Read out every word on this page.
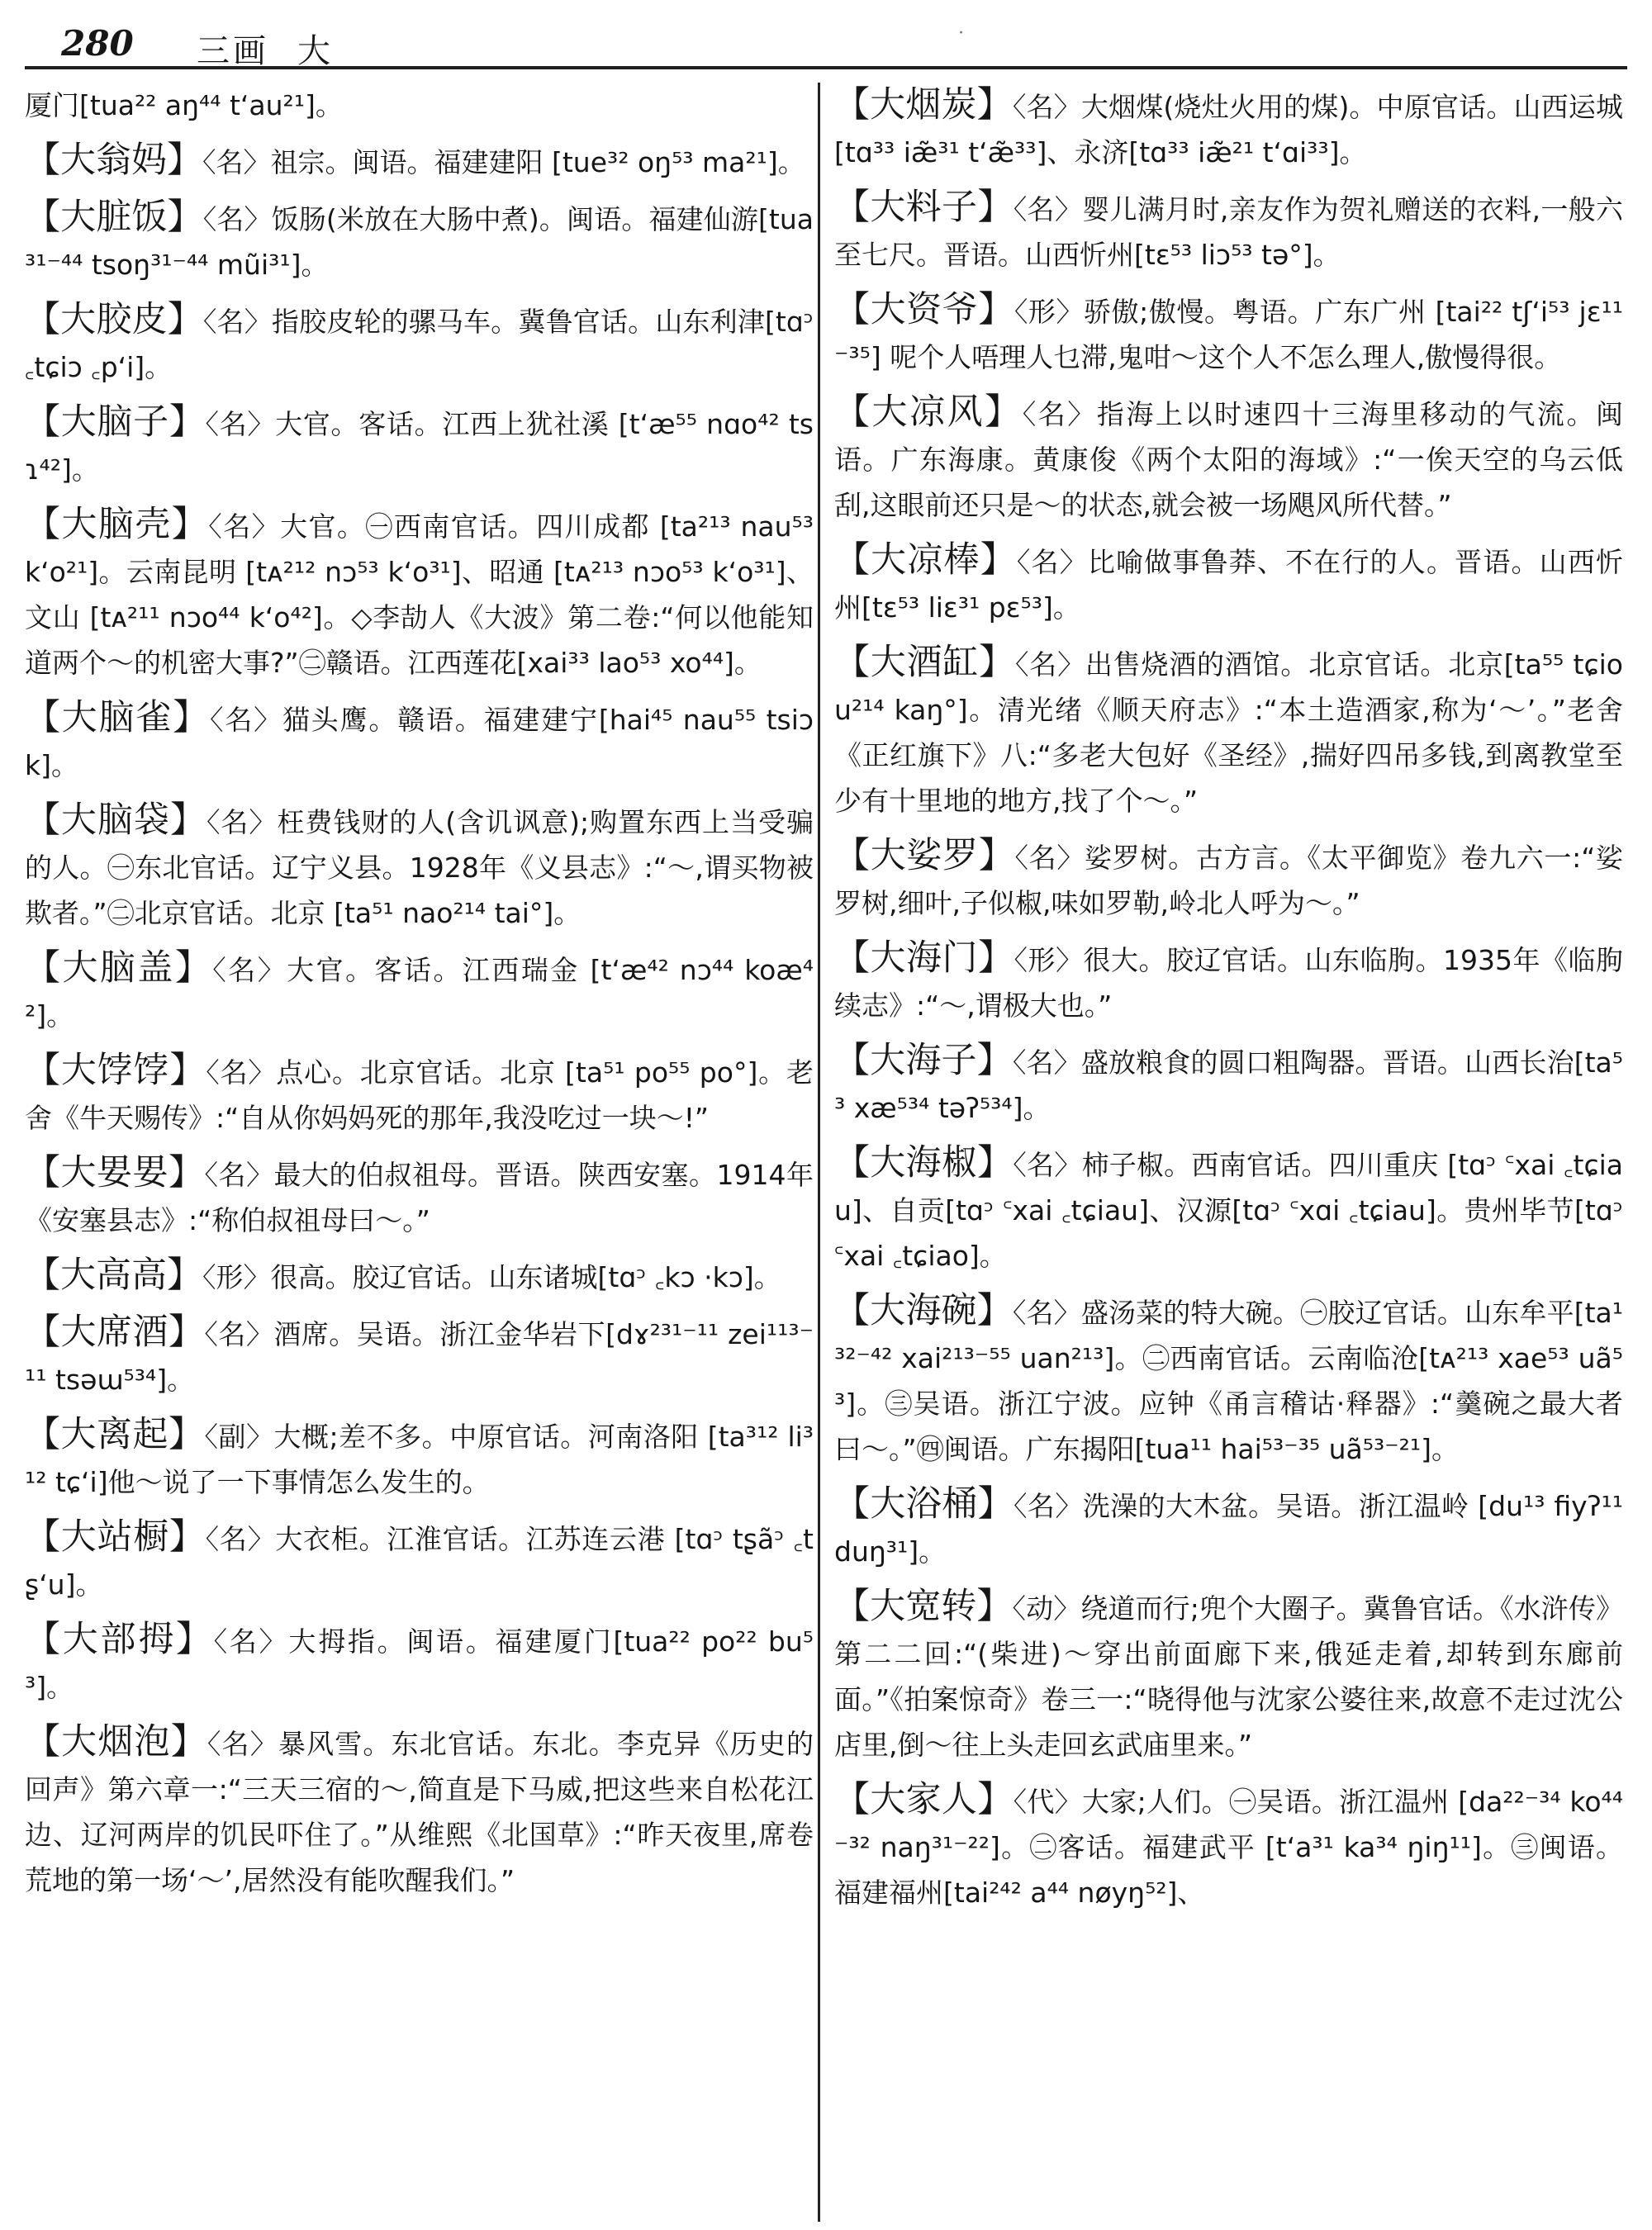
280 三画 大	·

厦门[tua²² aŋ⁴⁴ t‘au²¹]。

【大翁妈】〈名〉祖宗。闽语。福建建阳 [tue³² oŋ⁵³ ma²¹]。

【大脏饭】〈名〉饭肠(米放在大肠中煮)。闽语。福建仙游[tua³¹⁻⁴⁴ tsoŋ³¹⁻⁴⁴ mũi³¹]。

【大胶皮】〈名〉指胶皮轮的骡马车。冀鲁官话。山东利津[tɑᵓ ꜀tɕiɔ ꜀p‘i]。

【大脑子】〈名〉大官。客话。江西上犹社溪 [t‘æ⁵⁵ nɑo⁴² tsɿ⁴²]。

【大脑壳】〈名〉大官。㊀西南官话。四川成都 [ta²¹³ nau⁵³ k‘o²¹]。云南昆明 [tᴀ²¹² nɔ⁵³ k‘o³¹]、昭通 [tᴀ²¹³ nɔo⁵³ k‘o³¹]、文山 [tᴀ²¹¹ nɔo⁴⁴ k‘o⁴²]。◇李劼人《大波》第二卷:“何以他能知道两个～的机密大事?”㊁赣语。江西莲花[xai³³ lao⁵³ xo⁴⁴]。

【大脑雀】〈名〉猫头鹰。赣语。福建建宁[hai⁴⁵ nau⁵⁵ tsiɔk]。

【大脑袋】〈名〉枉费钱财的人(含讥讽意);购置东西上当受骗的人。㊀东北官话。辽宁义县。1928年《义县志》:“～,谓买物被欺者。”㊁北京官话。北京 [ta⁵¹ nao²¹⁴ tai°]。

【大脑盖】〈名〉大官。客话。江西瑞金 [t‘æ⁴² nɔ⁴⁴ koæ⁴²]。

【大饽饽】〈名〉点心。北京官话。北京 [ta⁵¹ po⁵⁵ po°]。老舍《牛天赐传》:“自从你妈妈死的那年,我没吃过一块～!”

【大㚻㚻】〈名〉最大的伯叔祖母。晋语。陕西安塞。1914年《安塞县志》:“称伯叔祖母曰～。”

【大高高】〈形〉很高。胶辽官话。山东诸城[tɑᵓ ꜀kɔ ·kɔ]。

【大席酒】〈名〉酒席。吴语。浙江金华岩下[dɤ²³¹⁻¹¹ zei¹¹³⁻¹¹ tsəɯ⁵³⁴]。

【大离起】〈副〉大概;差不多。中原官话。河南洛阳 [ta³¹² li³¹² tɕ‘i]他～说了一下事情怎么发生的。

【大站橱】〈名〉大衣柜。江淮官话。江苏连云港 [tɑᵓ tʂãᵓ ꜀tʂ‘u]。

【大部拇】〈名〉大拇指。闽语。福建厦门[tua²² po²² bu⁵³]。

【大烟泡】〈名〉暴风雪。东北官话。东北。李克异《历史的回声》第六章一:“三天三宿的～,简直是下马威,把这些来自松花江边、辽河两岸的饥民吓住了。”从维熙《北国草》:“昨天夜里,席卷荒地的第一场‘～’,居然没有能吹醒我们。”

【大烟炭】〈名〉大烟煤(烧灶火用的煤)。中原官话。山西运城[tɑ³³ iæ̃³¹ t‘æ̃³³]、永济[tɑ³³ iæ̃²¹ t‘ɑi³³]。

【大料子】〈名〉婴儿满月时,亲友作为贺礼赠送的衣料,一般六至七尺。晋语。山西忻州[tɛ⁵³ liɔ⁵³ tə°]。

【大资爷】〈形〉骄傲;傲慢。粤语。广东广州 [tai²² tʃ‘i⁵³ jɛ¹¹⁻³⁵] 呢个人唔理人乜滞,鬼咁～这个人不怎么理人,傲慢得很。

【大凉风】〈名〉指海上以时速四十三海里移动的气流。闽语。广东海康。黄康俊《两个太阳的海域》:“一俟天空的乌云低刮,这眼前还只是～的状态,就会被一场飓风所代替。”

【大凉棒】〈名〉比喻做事鲁莽、不在行的人。晋语。山西忻州[tɛ⁵³ liɛ³¹ pɛ⁵³]。

【大酒缸】〈名〉出售烧酒的酒馆。北京官话。北京[ta⁵⁵ tɕiou²¹⁴ kaŋ°]。清光绪《顺天府志》:“本土造酒家,称为‘～’。”老舍《正红旗下》八:“多老大包好《圣经》,揣好四吊多钱,到离教堂至少有十里地的地方,找了个～。”

【大娑罗】〈名〉娑罗树。古方言。《太平御览》卷九六一:“娑罗树,细叶,子似椒,味如罗勒,岭北人呼为～。”

【大海门】〈形〉很大。胶辽官话。山东临朐。1935年《临朐续志》:“～,谓极大也。”

【大海子】〈名〉盛放粮食的圆口粗陶器。晋语。山西长治[ta⁵³ xæ⁵³⁴ təʔ⁵³⁴]。

【大海椒】〈名〉柿子椒。西南官话。四川重庆 [tɑᵓ ꜂xai ꜀tɕiau]、自贡[tɑᵓ ꜂xai ꜀tɕiau]、汉源[tɑᵓ ꜂xɑi ꜀tɕiau]。贵州毕节[tɑᵓ ꜂xai ꜀tɕiao]。

【大海碗】〈名〉盛汤菜的特大碗。㊀胶辽官话。山东牟平[ta¹³²⁻⁴² xai²¹³⁻⁵⁵ uan²¹³]。㊁西南官话。云南临沧[tᴀ²¹³ xae⁵³ uã⁵³]。㊂吴语。浙江宁波。应钟《甬言稽诂·释器》:“羹碗之最大者曰～。”㊃闽语。广东揭阳[tua¹¹ hai⁵³⁻³⁵ uã⁵³⁻²¹]。

【大浴桶】〈名〉洗澡的大木盆。吴语。浙江温岭 [du¹³ fiyʔ¹¹ duŋ³¹]。

【大宽转】〈动〉绕道而行;兜个大圈子。冀鲁官话。《水浒传》第二二回:“(柴进)～穿出前面廊下来,俄延走着,却转到东廊前面。”《拍案惊奇》卷三一:“晓得他与沈家公婆往来,故意不走过沈公店里,倒～往上头走回玄武庙里来。”

【大家人】〈代〉大家;人们。㊀吴语。浙江温州 [da²²⁻³⁴ ko⁴⁴⁻³² naŋ³¹⁻²²]。㊁客话。福建武平 [t‘a³¹ ka³⁴ ŋiŋ¹¹]。㊂闽语。福建福州[tai²⁴² a⁴⁴ nøyŋ⁵²]、
